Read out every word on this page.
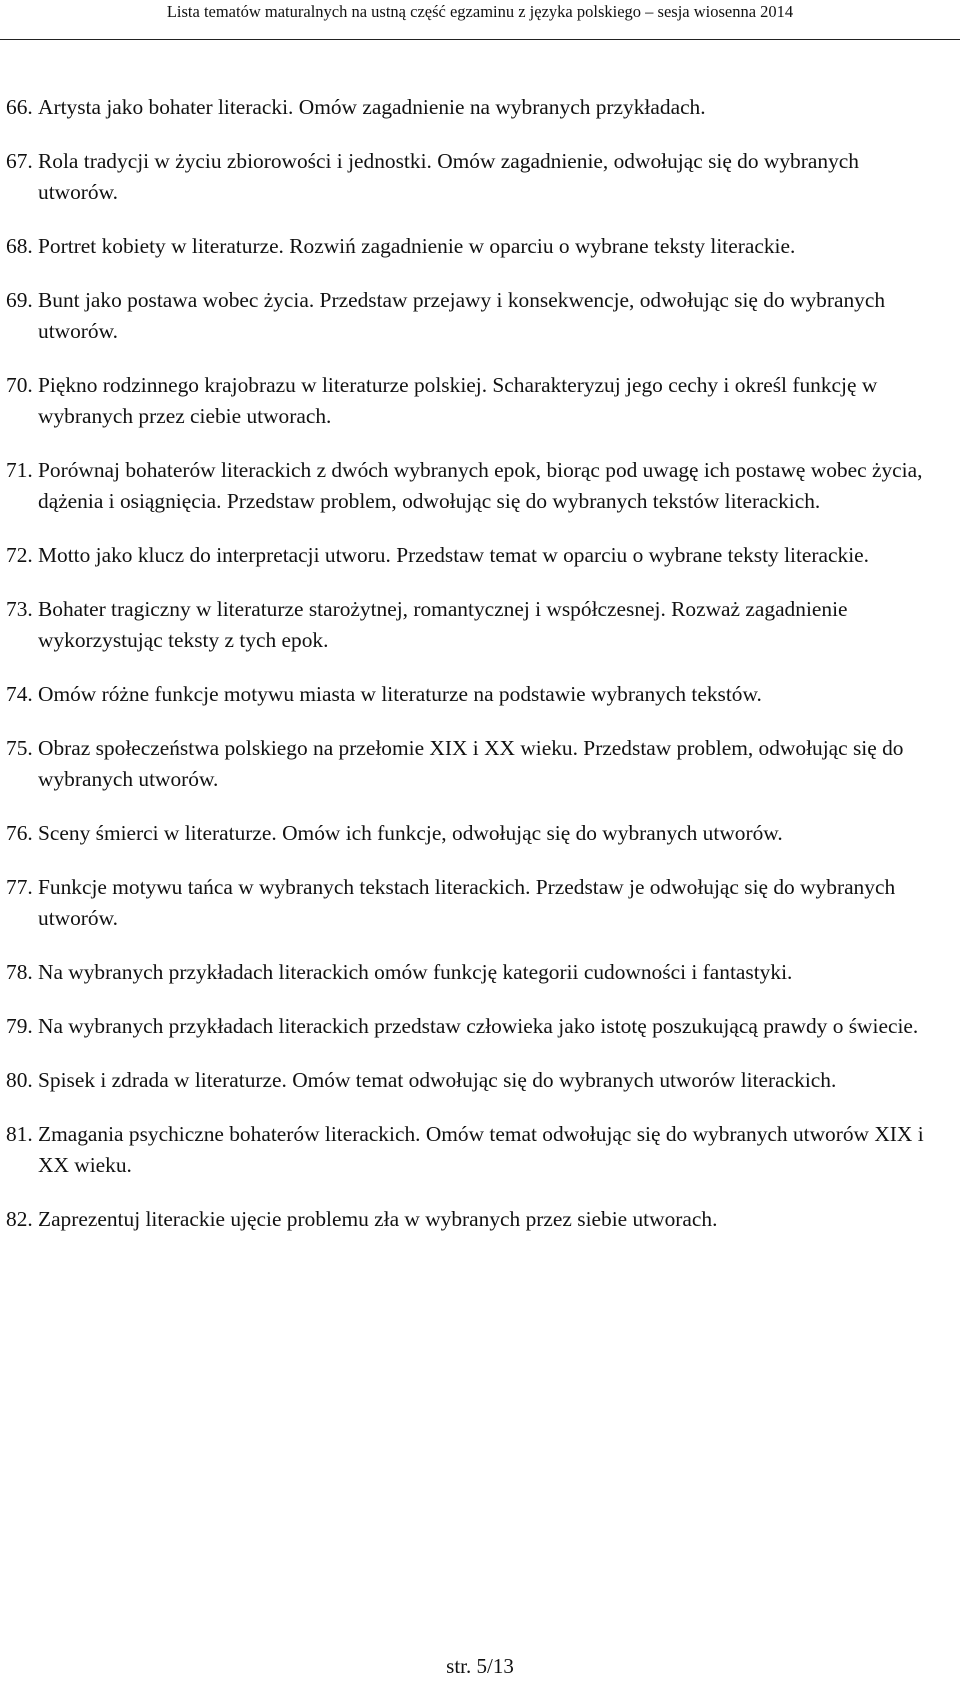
Lista tematów maturalnych na ustną część egzaminu z języka polskiego – sesja wiosenna 2014
66. Artysta jako bohater literacki. Omów zagadnienie na wybranych przykładach.
67. Rola tradycji w życiu zbiorowości i jednostki. Omów zagadnienie, odwołując się do wybranych utworów.
68. Portret kobiety w literaturze. Rozwiń zagadnienie w oparciu o wybrane teksty literackie.
69. Bunt jako postawa wobec życia. Przedstaw przejawy i konsekwencje, odwołując się do wybranych utworów.
70. Piękno rodzinnego krajobrazu w literaturze polskiej. Scharakteryzuj jego cechy i określ funkcję w wybranych przez ciebie utworach.
71. Porównaj bohaterów literackich z dwóch wybranych epok, biorąc pod uwagę ich postawę wobec życia, dążenia i osiągnięcia. Przedstaw problem, odwołując się do wybranych tekstów literackich.
72. Motto jako klucz do interpretacji utworu. Przedstaw temat w oparciu o wybrane teksty literackie.
73. Bohater tragiczny w literaturze starożytnej, romantycznej i współczesnej. Rozważ zagadnienie wykorzystując teksty z tych epok.
74. Omów różne funkcje motywu miasta w literaturze na podstawie wybranych tekstów.
75. Obraz społeczeństwa polskiego na przełomie XIX i XX wieku. Przedstaw problem, odwołując się do wybranych utworów.
76. Sceny śmierci w literaturze. Omów ich funkcje, odwołując się do wybranych utworów.
77. Funkcje motywu tańca w wybranych tekstach literackich. Przedstaw je odwołując się do wybranych utworów.
78. Na wybranych przykładach literackich omów funkcję kategorii cudowności i fantastyki.
79. Na wybranych przykładach literackich przedstaw człowieka jako istotę poszukującą prawdy o świecie.
80. Spisek i zdrada w literaturze. Omów temat odwołując się do wybranych utworów literackich.
81. Zmagania psychiczne bohaterów literackich. Omów temat odwołując się do wybranych utworów XIX i XX wieku.
82. Zaprezentuj literackie ujęcie problemu zła w wybranych przez siebie utworach.
str. 5/13
